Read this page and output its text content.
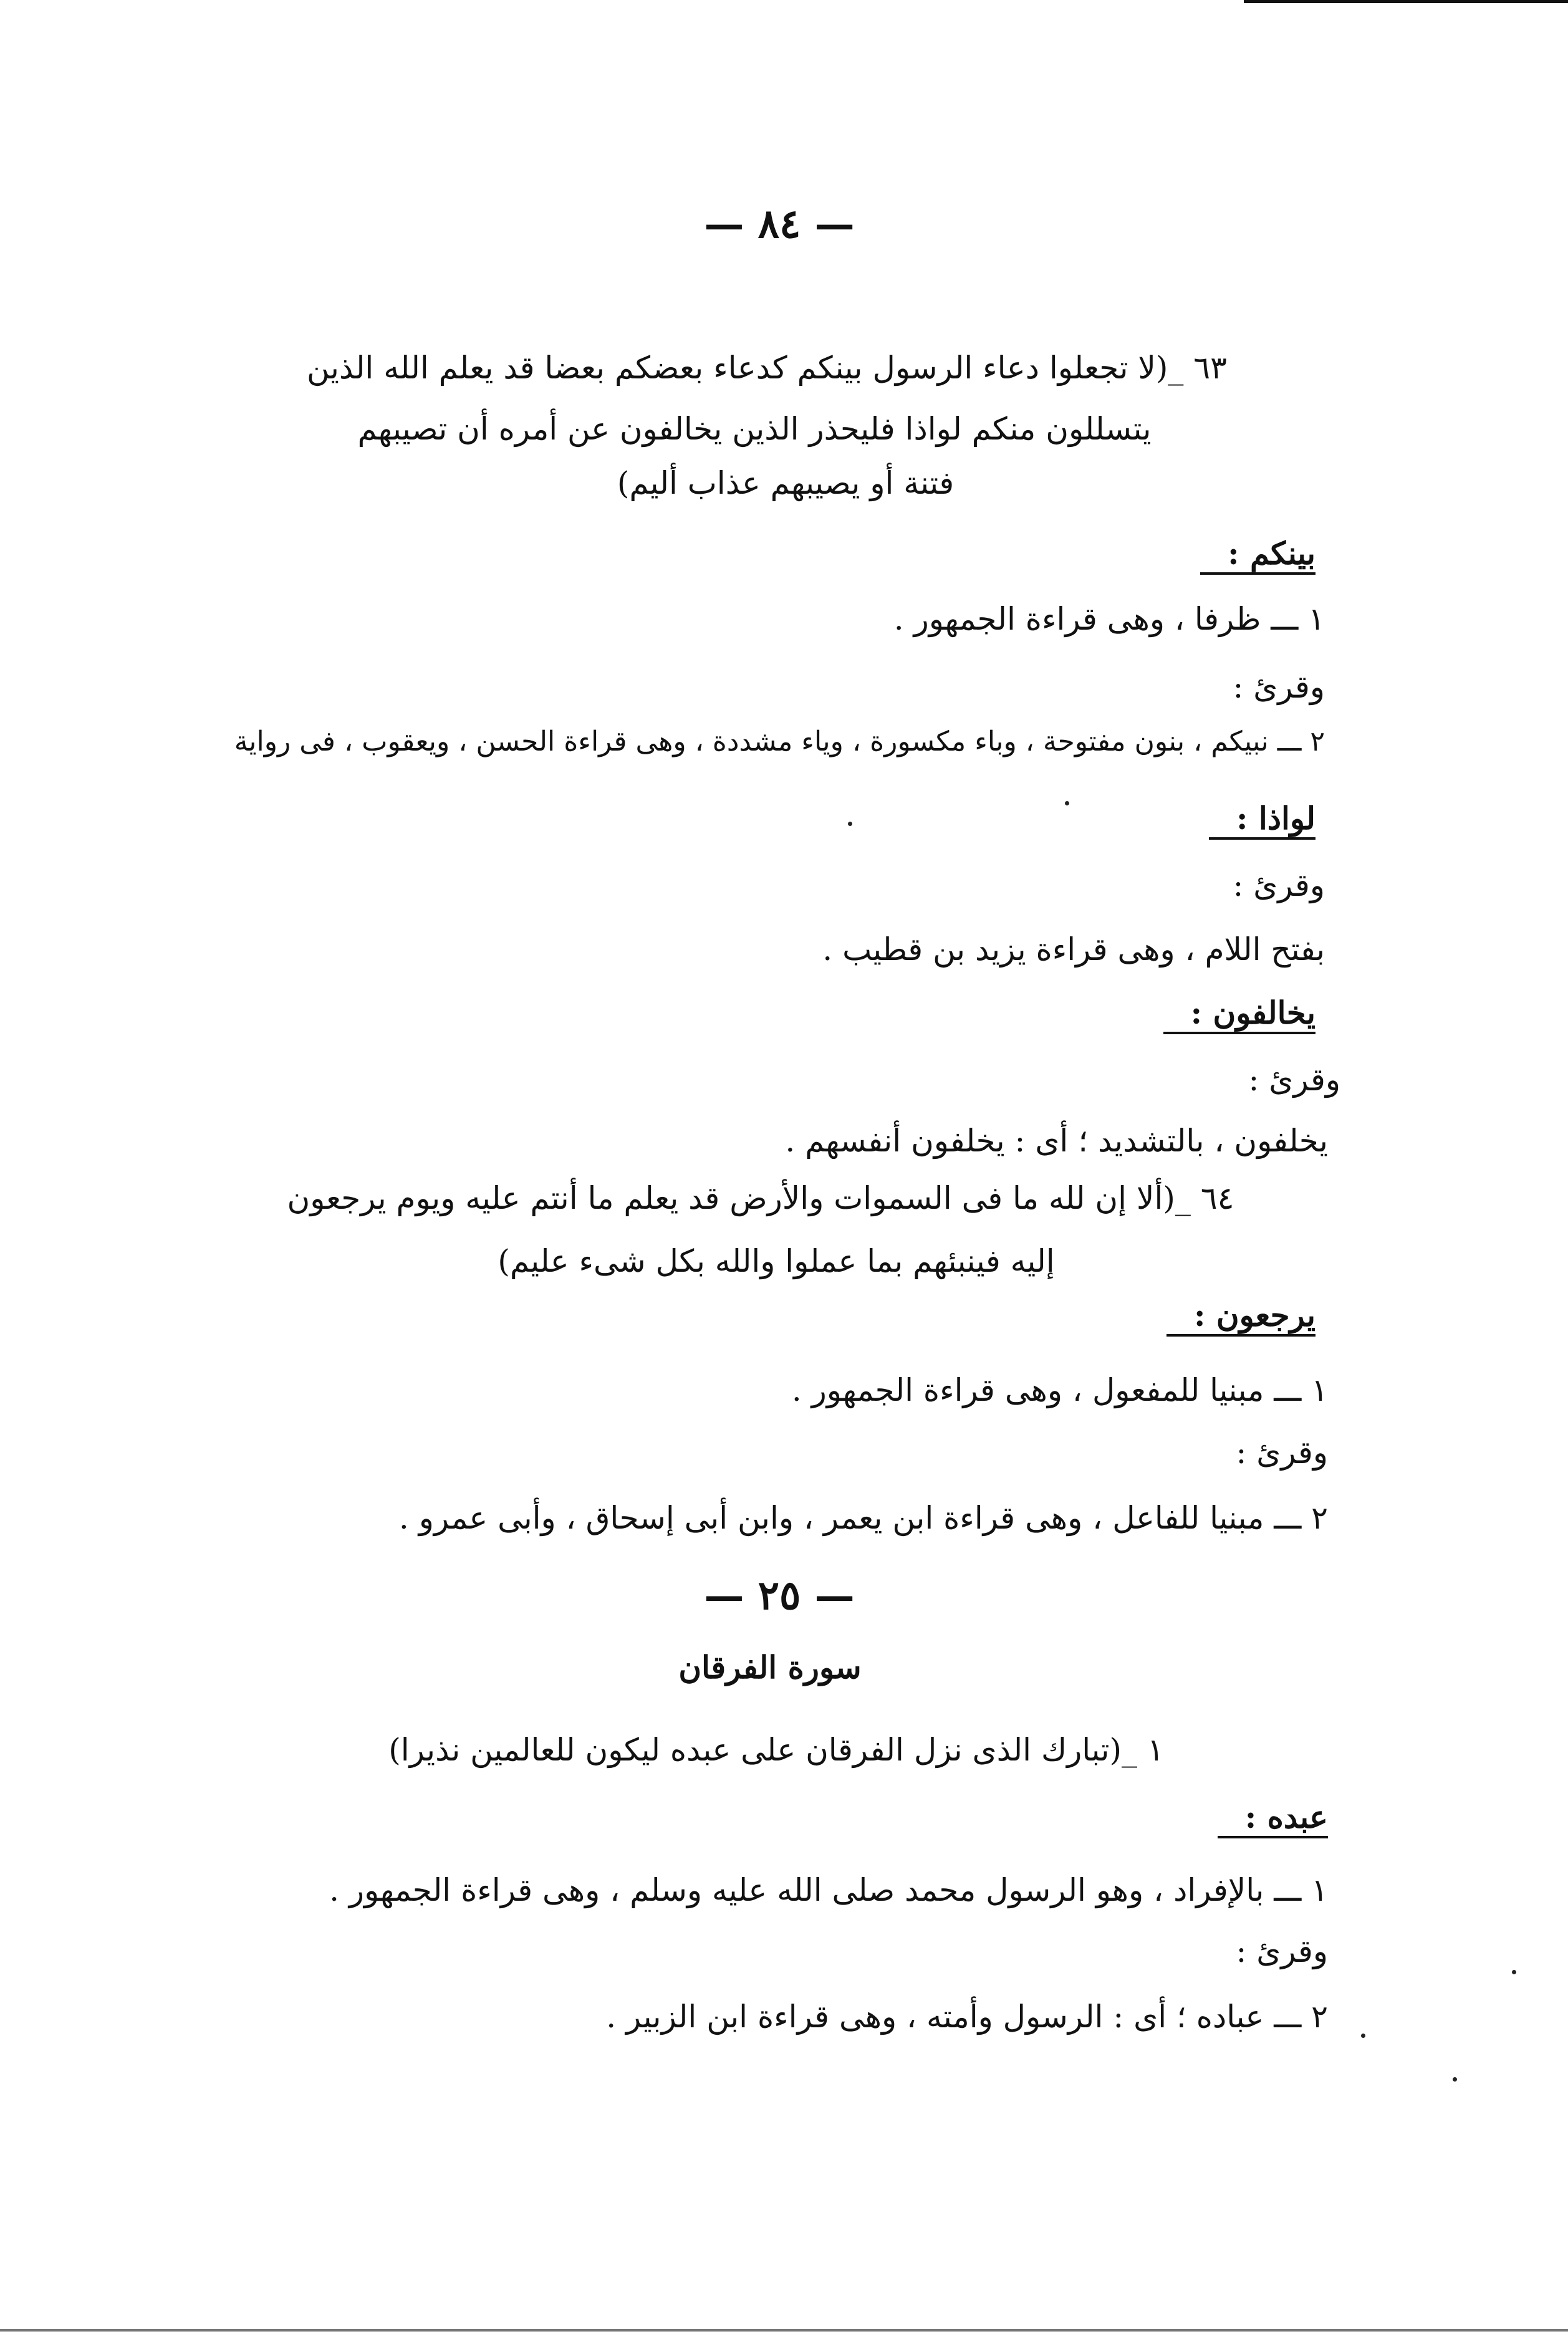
— ٨٤ —
٦٣ _(لا تجعلوا دعاء الرسول بينكم كدعاء بعضكم بعضا قد يعلم الله الذين
يتسللون منكم لواذا فليحذر الذين يخالفون عن أمره أن تصيبهم
فتنة أو يصيبهم عذاب أليم)
بينكم :
١ ـــ ظرفا ، وهى قراءة الجمهور .
وقرئ :
٢ ـــ نبيكم ، بنون مفتوحة ، وباء مكسورة ، وياء مشددة ، وهى قراءة الحسن ، ويعقوب ، فى رواية
لواذا :
وقرئ :
بفتح اللام ، وهى قراءة يزيد بن قطيب .
يخالفون :
وقرئ :
يخلفون ، بالتشديد ؛ أى : يخلفون أنفسهم .
٦٤ _(ألا إن لله ما فى السموات والأرض قد يعلم ما أنتم عليه ويوم يرجعون
إليه فينبئهم بما عملوا والله بكل شىء عليم)
يرجعون :
١ ـــ مبنيا للمفعول ، وهى قراءة الجمهور .
وقرئ :
٢ ـــ مبنيا للفاعل ، وهى قراءة ابن يعمر ، وابن أبى إسحاق ، وأبى عمرو .
— ٢٥ —
سورة الفرقان
١ _(تبارك الذى نزل الفرقان على عبده ليكون للعالمين نذيرا)
عبده :
١ ـــ بالإفراد ، وهو الرسول محمد صلى الله عليه وسلم ، وهى قراءة الجمهور .
وقرئ :
٢ ـــ عباده ؛ أى : الرسول وأمته ، وهى قراءة ابن الزبير .
